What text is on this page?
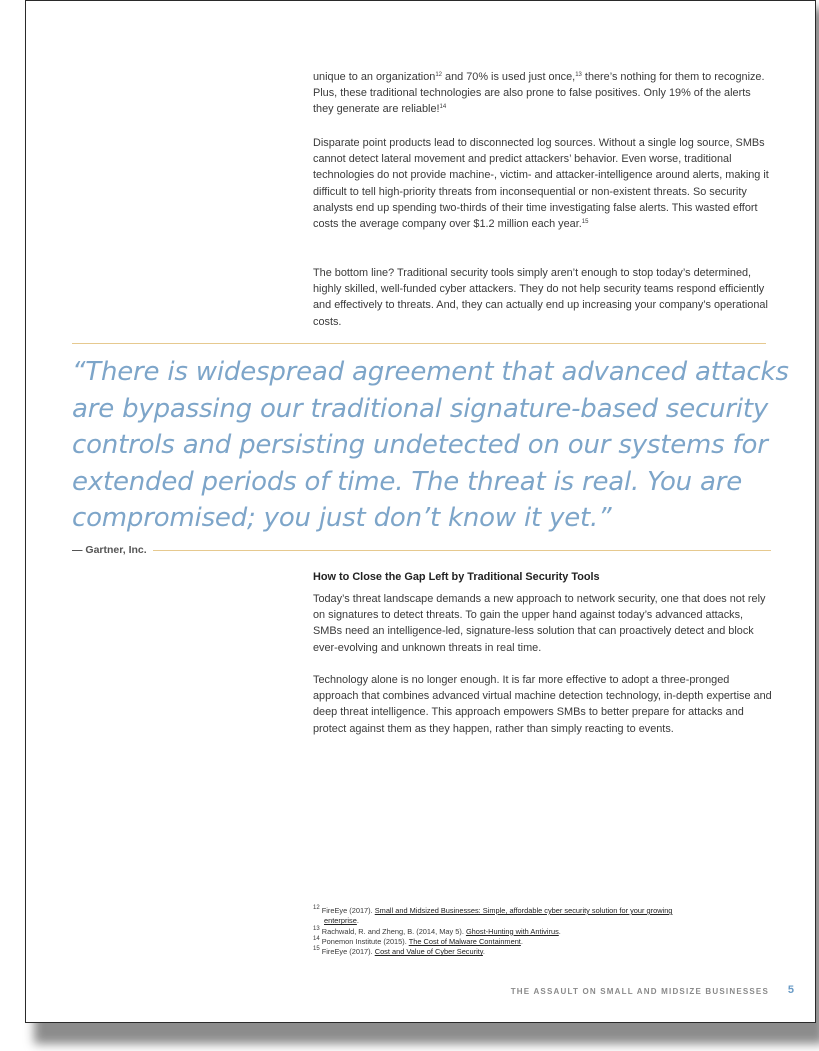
unique to an organization$^{12}$ and 70% is used just once,$^{13}$ there’s nothing for them to recognize. Plus, these traditional technologies are also prone to false positives. Only 19% of the alerts they generate are reliable!$^{14}$

Disparate point products lead to disconnected log sources. Without a single log source, SMBs cannot detect lateral movement and predict attackers’ behavior. Even worse, traditional technologies do not provide machine-, victim- and attacker-intelligence around alerts, making it difficult to tell high-priority threats from inconsequential or non-existent threats. So security analysts end up spending two-thirds of their time investigating false alerts. This wasted effort costs the average company over $1.2 million each year.$^{15}$

The bottom line? Traditional security tools simply aren’t enough to stop today’s determined, highly skilled, well-funded cyber attackers. They do not help security teams respond efficiently and effectively to threats. And, they can actually end up increasing your company’s operational costs.

“There is widespread agreement that advanced attacks are bypassing our traditional signature-based security controls and persisting undetected on our systems for extended periods of time. The threat is real. You are compromised; you just don’t know it yet.”

— Gartner, Inc.
How to Close the Gap Left by Traditional Security Tools

Today’s threat landscape demands a new approach to network security, one that does not rely on signatures to detect threats. To gain the upper hand against today’s advanced attacks, SMBs need an intelligence-led, signature-less solution that can proactively detect and block ever-evolving and unknown threats in real time.

Technology alone is no longer enough. It is far more effective to adopt a three-pronged approach that combines advanced virtual machine detection technology, in-depth expertise and deep threat intelligence. This approach empowers SMBs to better prepare for attacks and protect against them as they happen, rather than simply reacting to events.

$^{12}$ FireEye (2017). Small and Midsized Businesses: Simple, affordable cyber security solution for your growing

enterprise.

$^{13}$ Rachwald, R. and Zheng, B. (2014, May 5). Ghost-Hunting with Antivirus.

$^{14}$ Ponemon Institute (2015). The Cost of Malware Containment.

$^{15}$ FireEye (2017). Cost and Value of Cyber Security.

THE ASSAULT ON SMALL AND MIDSIZE BUSINESSES 5
